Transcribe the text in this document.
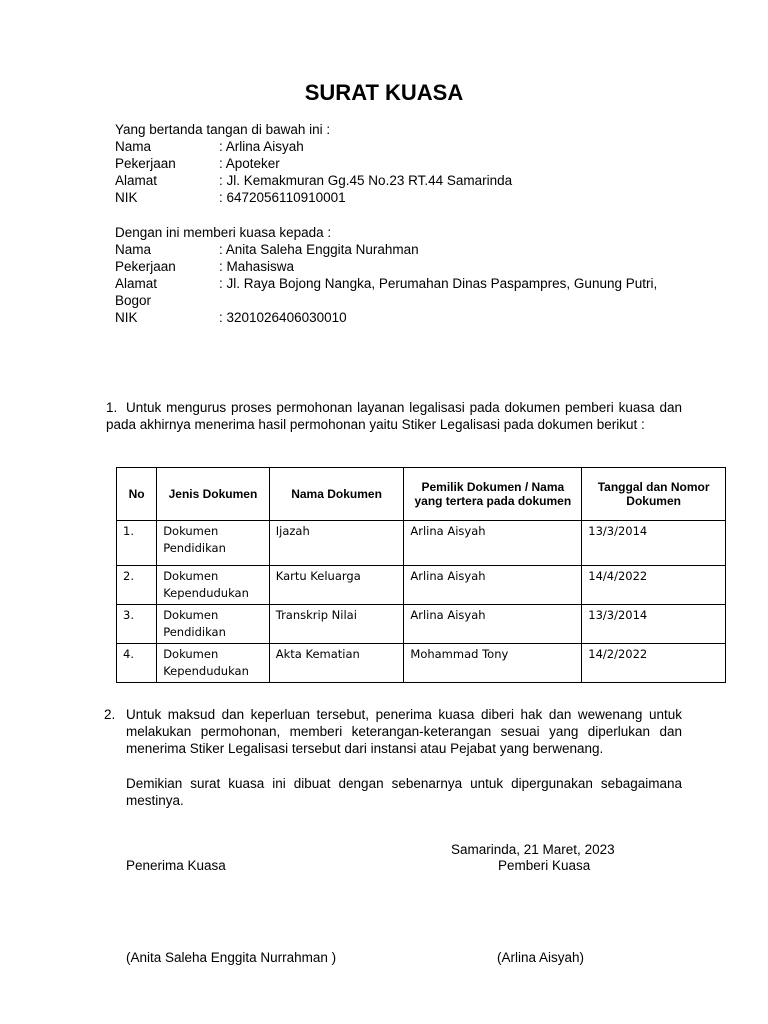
SURAT KUASA
Yang bertanda tangan di bawah ini :
Nama	: Arlina Aisyah
Pekerjaan	: Apoteker
Alamat	: Jl. Kemakmuran Gg.45 No.23 RT.44 Samarinda
NIK	: 6472056110910001
Dengan ini memberi kuasa kepada :
Nama	: Anita Saleha Enggita Nurahman
Pekerjaan	: Mahasiswa
Alamat	: Jl. Raya Bojong Nangka, Perumahan Dinas Paspampres, Gunung Putri,
Bogor
NIK	: 3201026406030010
1. Untuk mengurus proses permohonan layanan legalisasi pada dokumen pemberi kuasa dan pada akhirnya menerima hasil permohonan yaitu Stiker Legalisasi pada dokumen berikut :
No	Jenis Dokumen	Nama Dokumen	Pemilik Dokumen / Nama yang tertera pada dokumen	Tanggal dan Nomor Dokumen
1.	Dokumen Pendidikan	Ijazah	Arlina Aisyah	13/3/2014
2.	Dokumen Kependudukan	Kartu Keluarga	Arlina Aisyah	14/4/2022
3.	Dokumen Pendidikan	Transkrip Nilai	Arlina Aisyah	13/3/2014
4.	Dokumen Kependudukan	Akta Kematian	Mohammad Tony	14/2/2022
2. Untuk maksud dan keperluan tersebut, penerima kuasa diberi hak dan wewenang untuk melakukan permohonan, memberi keterangan-keterangan sesuai yang diperlukan dan menerima Stiker Legalisasi tersebut dari instansi atau Pejabat yang berwenang.
Demikian surat kuasa ini dibuat dengan sebenarnya untuk dipergunakan sebagaimana mestinya.
Samarinda, 21 Maret, 2023
Penerima Kuasa	Pemberi Kuasa
(Anita Saleha Enggita Nurrahman )	(Arlina Aisyah)
